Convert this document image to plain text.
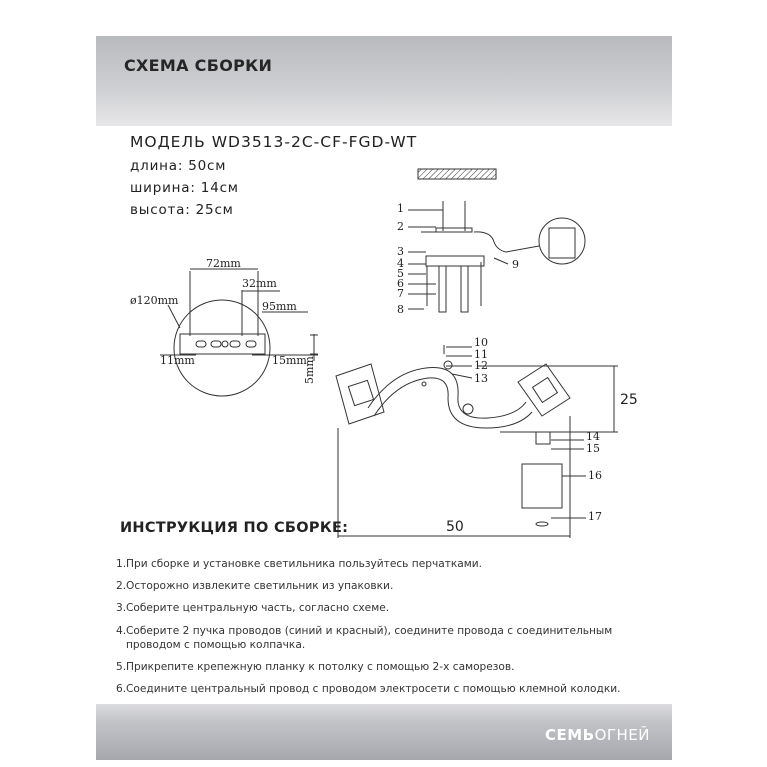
СХЕМА СБОРКИ
МОДЕЛЬ WD3513-2C-CF-FGD-WT
длина: 50см
ширина: 14см
высота: 25см
72mm
32mm
ø120mm	95mm
11mm	15mm
5mm
1
2
3
4
5
6
7
8
9
10
11
12
13
14
15
16
17
25
50
ИНСТРУКЦИЯ ПО СБОРКЕ:
1. При сборке и установке светильника пользуйтесь перчатками.
2. Осторожно извлеките светильник из упаковки.
3. Соберите центральную часть, согласно схеме.
4. Соберите 2 пучка проводов (синий и красный), соедините провода с соединительным проводом с помощью колпачка.
5. Прикрепите крепежную планку к потолку с помощью 2-х саморезов.
6. Соедините центральный провод с проводом электросети с помощью клемной колодки.
СЕМЬОГНЕЙ
